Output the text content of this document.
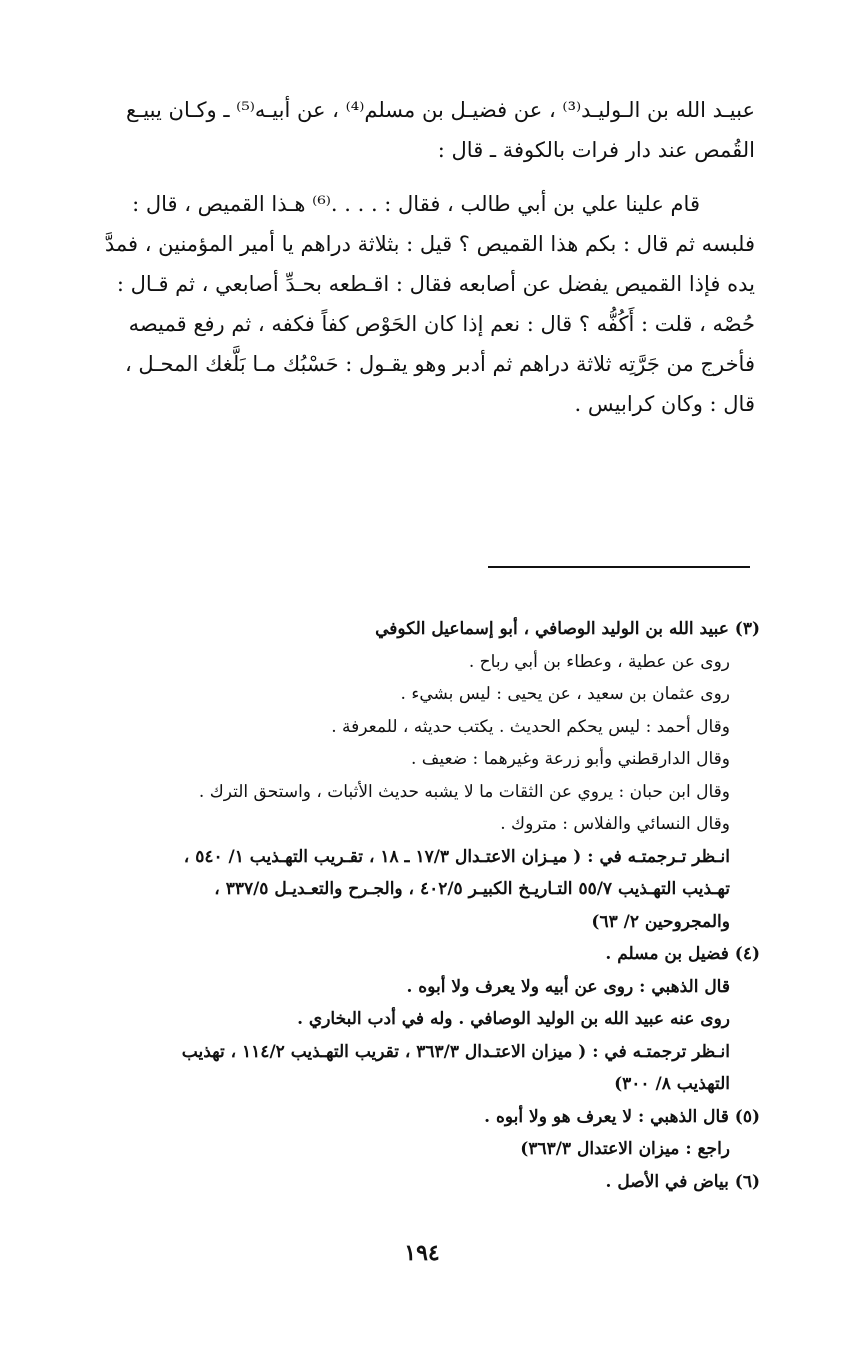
عبيـد الله بن الـوليـد⁽³⁾ ، عن فضيـل بن مسلم⁽⁴⁾ ، عن أبيـه⁽⁵⁾ ـ وكـان يبيـع
القُمص عند دار فرات بالكوفة ـ قال :
قام علينا علي بن أبي طالب ، فقال : . . . .⁽⁶⁾ هـذا القميص ، قال :
فلبسه ثم قال : بكم هذا القميص ؟ قيل : بثلاثة دراهم يا أمير المؤمنين ، فمدَّ
يده فإذا القميص يفضل عن أصابعه فقال : اقـطعه بحـدِّ أصابعي ، ثم قـال :
حُصْه ، قلت : أَكُفُّه ؟ قال : نعم إذا كان الحَوْص كفاً فكفه ، ثم رفع قميصه
فأخرج من جَرَّتِه ثلاثة دراهم ثم أدبر وهو يقـول : حَسْبُك مـا بَلَّغك المحـل ،
قال : وكان كرابيس .
(٣) عبيد الله بن الوليد الوصافي ، أبو إسماعيل الكوفي
روى عن عطية ، وعطاء بن أبي رباح .
روى عثمان بن سعيد ، عن يحيى : ليس بشيء .
وقال أحمد : ليس يحكم الحديث . يكتب حديثه ، للمعرفة .
وقال الدارقطني وأبو زرعة وغيرهما : ضعيف .
وقال ابن حبان : يروي عن الثقات ما لا يشبه حديث الأثبات ، واستحق الترك .
وقال النسائي والفلاس : متروك .
انـظر تـرجمتـه في : ( ميـزان الاعتـدال ١٧/٣ ـ ١٨ ، تقـريب التهـذيب ١/ ٥٤٠ ،
تهـذيب التهـذيب ٥٥/٧ التـاريـخ الكبيـر ٤٠٢/٥ ، والجـرح والتعـديـل ٣٣٧/٥ ،
والمجروحين ٢/ ٦٣)
(٤) فضيل بن مسلم .
قال الذهبي : روى عن أبيه ولا يعرف ولا أبوه .
روى عنه عبيد الله بن الوليد الوصافي . وله في أدب البخاري .
انـظر ترجمتـه في : ( ميزان الاعتـدال ٣٦٣/٣ ، تقريب التهـذيب ١١٤/٢ ، تهذيب
التهذيب ٨/ ٣٠٠)
(٥) قال الذهبي : لا يعرف هو ولا أبوه .
راجع : ميزان الاعتدال ٣٦٣/٣)
(٦) بياض في الأصل .
١٩٤
